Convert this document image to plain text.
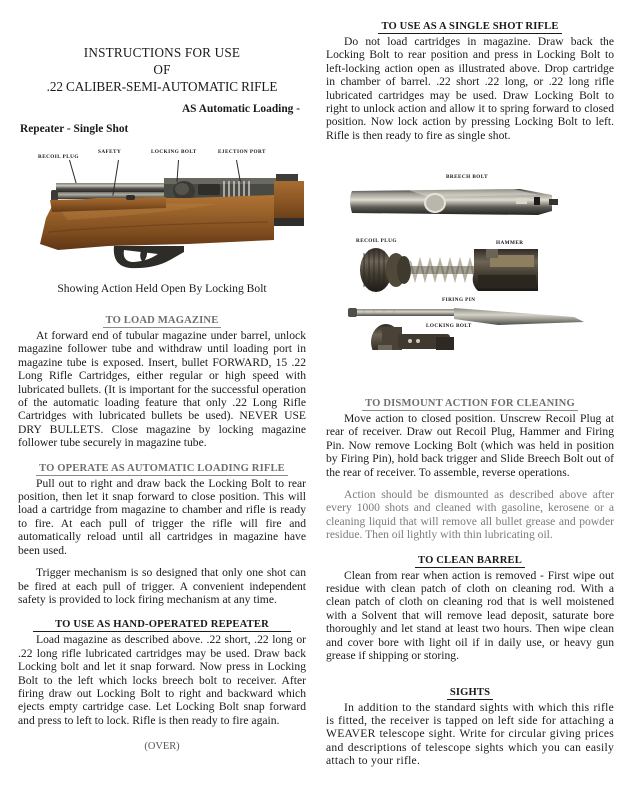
INSTRUCTIONS FOR USE
OF
.22 CALIBER-SEMI-AUTOMATIC RIFLE
AS Automatic Loading -
Repeater - Single Shot
RECOIL PLUG
SAFETY	LOCKING BOLT	EJECTION PORT
Showing Action Held Open By Locking Bolt
TO LOAD MAGAZINE

At forward end of tubular magazine under barrel, unlock magazine follower tube and withdraw until loading port in magazine tube is exposed. Insert, bullet FORWARD, 15 .22 Long Rifle Cartridges, either regular or high speed with lubricated bullets. (It is important for the successful operation of the automatic loading feature that only .22 Long Rifle Cartridges with lubricated bullets be used). NEVER USE DRY BULLETS. Close magazine by locking magazine follower tube securely in magazine tube.

TO OPERATE AS AUTOMATIC LOADING RIFLE

Pull out to right and draw back the Locking Bolt to rear position, then let it snap forward to close position. This will load a cartridge from magazine to chamber and rifle is ready to fire. At each pull of trigger the rifle will fire and automatically reload until all cartridges in magazine have been used.

Trigger mechanism is so designed that only one shot can be fired at each pull of trigger. A convenient independent safety is provided to lock firing mechanism at any time.

TO USE AS HAND-OPERATED REPEATER

Load magazine as described above. .22 short, .22 long or .22 long rifle lubricated cartridges may be used. Draw back Locking bolt and let it snap forward. Now press in Locking Bolt to the left which locks breech bolt to receiver. After firing draw out Locking Bolt to right and backward which ejects empty cartridge case. Let Locking Bolt snap forward and press to left to lock. Rifle is then ready to fire again.

(OVER)
TO USE AS A SINGLE SHOT RIFLE

Do not load cartridges in magazine. Draw back the Locking Bolt to rear position and press in Locking Bolt to left-locking action open as illustrated above. Drop cartridge in chamber of barrel. .22 short .22 long, or .22 long rifle lubricated cartridges may be used. Draw Locking Bolt to right to unlock action and allow it to spring forward to closed position. Now lock action by pressing Locking Bolt to left. Rifle is then ready to fire as single shot.

BREECH BOLT
RECOIL PLUG	HAMMER
FIRING PIN
LOCKING BOLT
TO DISMOUNT ACTION FOR CLEANING

Move action to closed position. Unscrew Recoil Plug at rear of receiver. Draw out Recoil Plug, Hammer and Firing Pin. Now remove Locking Bolt (which was held in position by Firing Pin), hold back trigger and Slide Breech Bolt out of the rear of receiver. To assemble, reverse operations.

Action should be dismounted as described above after every 1000 shots and cleaned with gasoline, kerosene or a cleaning liquid that will remove all bullet grease and powder residue. Then oil lightly with thin lubricating oil.

TO CLEAN BARREL

Clean from rear when action is removed - First wipe out residue with clean patch of cloth on cleaning rod. With a clean patch of cloth on cleaning rod that is well moistened with a Solvent that will remove lead deposit, saturate bore thoroughly and let stand at least two hours. Then wipe clean and cover bore with light oil if in daily use, or heavy gun grease if shipping or storing.

SIGHTS

In addition to the standard sights with which this rifle is fitted, the receiver is tapped on left side for attaching a WEAVER telescope sight. Write for circular giving prices and descriptions of telescope sights which you can easily attach to your rifle.
